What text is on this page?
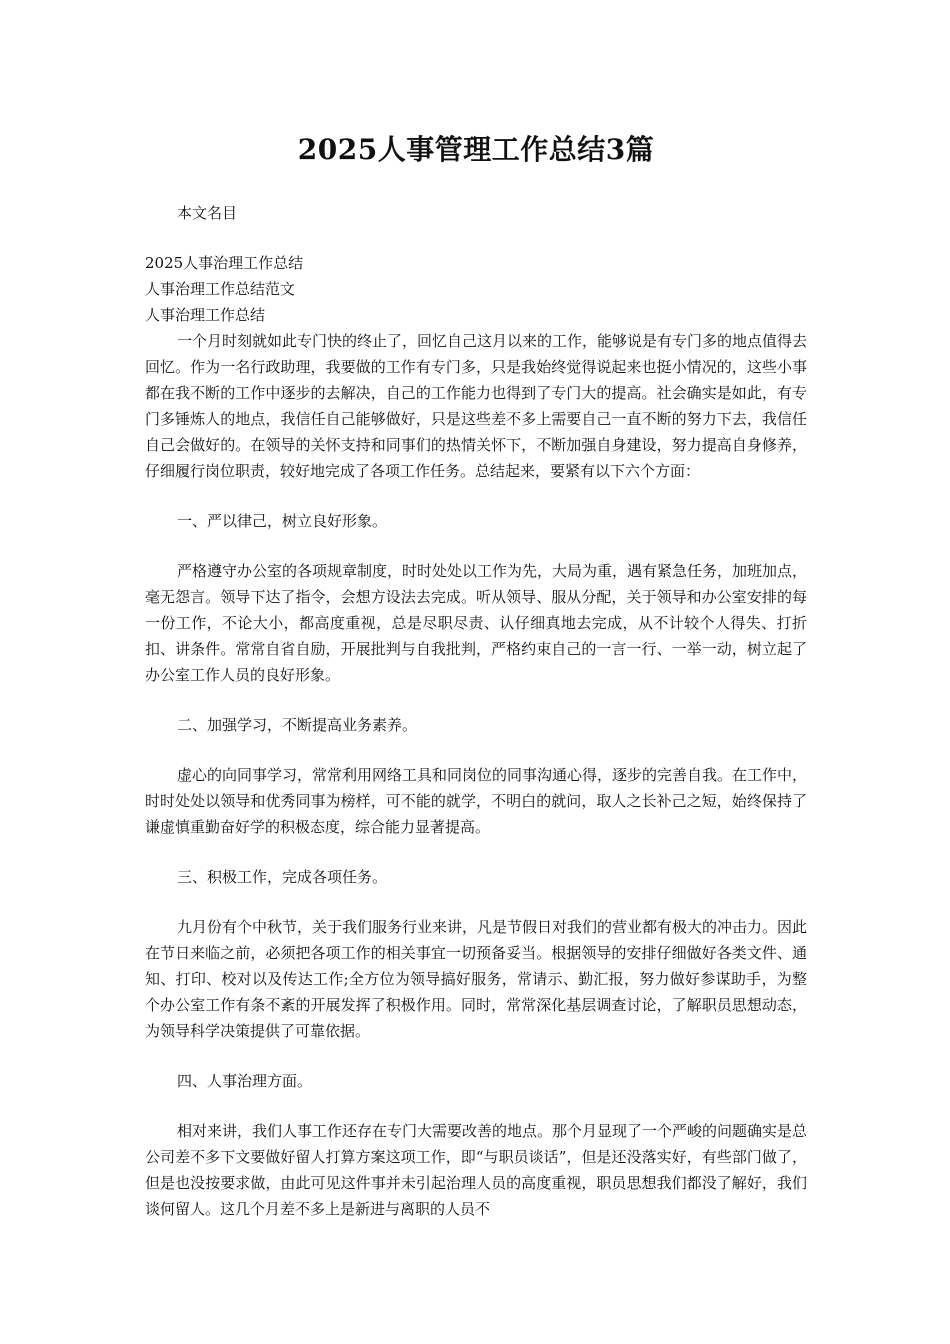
2025人事管理工作总结3篇

本文名目

2025人事治理工作总结
人事治理工作总结范文
人事治理工作总结

一个月时刻就如此专门快的终止了，回忆自己这月以来的工作，能够说是有专门多的地点值得去回忆。作为一名行政助理，我要做的工作有专门多，只是我始终觉得说起来也挺小情况的，这些小事都在我不断的工作中逐步的去解决，自己的工作能力也得到了专门大的提高。社会确实是如此，有专门多锤炼人的地点，我信任自己能够做好，只是这些差不多上需要自己一直不断的努力下去，我信任自己会做好的。在领导的关怀支持和同事们的热情关怀下，不断加强自身建设，努力提高自身修养，仔细履行岗位职责，较好地完成了各项工作任务。总结起来，要紧有以下六个方面：

一、严以律己，树立良好形象。

严格遵守办公室的各项规章制度，时时处处以工作为先，大局为重，遇有紧急任务，加班加点，毫无怨言。领导下达了指令，会想方设法去完成。听从领导、服从分配，关于领导和办公室安排的每一份工作，不论大小，都高度重视，总是尽职尽责、认仔细真地去完成，从不计较个人得失、打折扣、讲条件。常常自省自励，开展批判与自我批判，严格约束自己的一言一行、一举一动，树立起了办公室工作人员的良好形象。

二、加强学习，不断提高业务素养。

虚心的向同事学习，常常利用网络工具和同岗位的同事沟通心得，逐步的完善自我。在工作中，时时处处以领导和优秀同事为榜样，可不能的就学，不明白的就问，取人之长补己之短，始终保持了谦虚慎重勤奋好学的积极态度，综合能力显著提高。

三、积极工作，完成各项任务。

九月份有个中秋节，关于我们服务行业来讲，凡是节假日对我们的营业都有极大的冲击力。因此在节日来临之前，必须把各项工作的相关事宜一切预备妥当。根据领导的安排仔细做好各类文件、通知、打印、校对以及传达工作;全方位为领导搞好服务，常请示、勤汇报，努力做好参谋助手，为整个办公室工作有条不紊的开展发挥了积极作用。同时，常常深化基层调查讨论，了解职员思想动态，为领导科学决策提供了可靠依据。

四、人事治理方面。

相对来讲，我们人事工作还存在专门大需要改善的地点。那个月显现了一个严峻的问题确实是总公司差不多下文要做好留人打算方案这项工作，即“与职员谈话”，但是还没落实好，有些部门做了，但是也没按要求做，由此可见这件事并未引起治理人员的高度重视，职员思想我们都没了解好，我们谈何留人。这几个月差不多上是新进与离职的人员不
